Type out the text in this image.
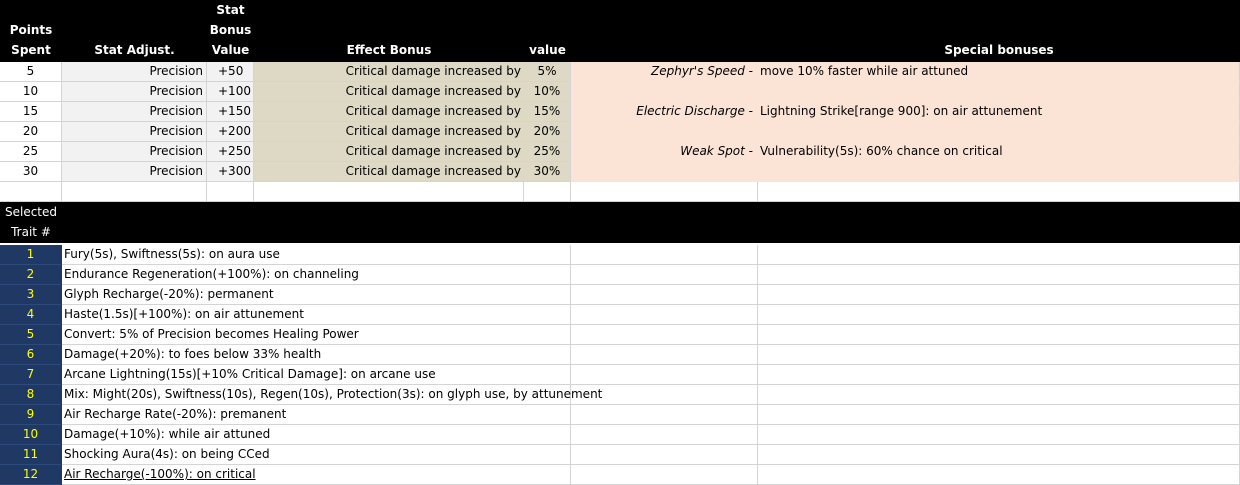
Points
Spent	Stat Adjust.
Stat
Bonus
Value	Effect Bonus	value	Special bonuses
5	Precision	+50	Critical damage increased by	5%	Zephyr's Speed - move 10% faster while air attuned
10	Precision	+100	Critical damage increased by	10%
15	Precision	+150	Critical damage increased by	15%	Electric Discharge - Lightning Strike[range 900]: on air attunement
20	Precision	+200	Critical damage increased by	20%
25	Precision	+250	Critical damage increased by	25%	Weak Spot - Vulnerability(5s): 60% chance on critical
30	Precision	+300	Critical damage increased by	30%
Selected
Trait #
1	Fury(5s), Swiftness(5s): on aura use
2	Endurance Regeneration(+100%): on channeling
3	Glyph Recharge(-20%): permanent
4	Haste(1.5s)[+100%): on air attunement
5	Convert: 5% of Precision becomes Healing Power
6	Damage(+20%): to foes below 33% health
7	Arcane Lightning(15s)[+10% Critical Damage]: on arcane use
8	Mix: Might(20s), Swiftness(10s), Regen(10s), Protection(3s): on glyph use, by attunement
9	Air Recharge Rate(-20%): premanent
10	Damage(+10%): while air attuned
11	Shocking Aura(4s): on being CCed
12	Air Recharge(-100%): on critical
